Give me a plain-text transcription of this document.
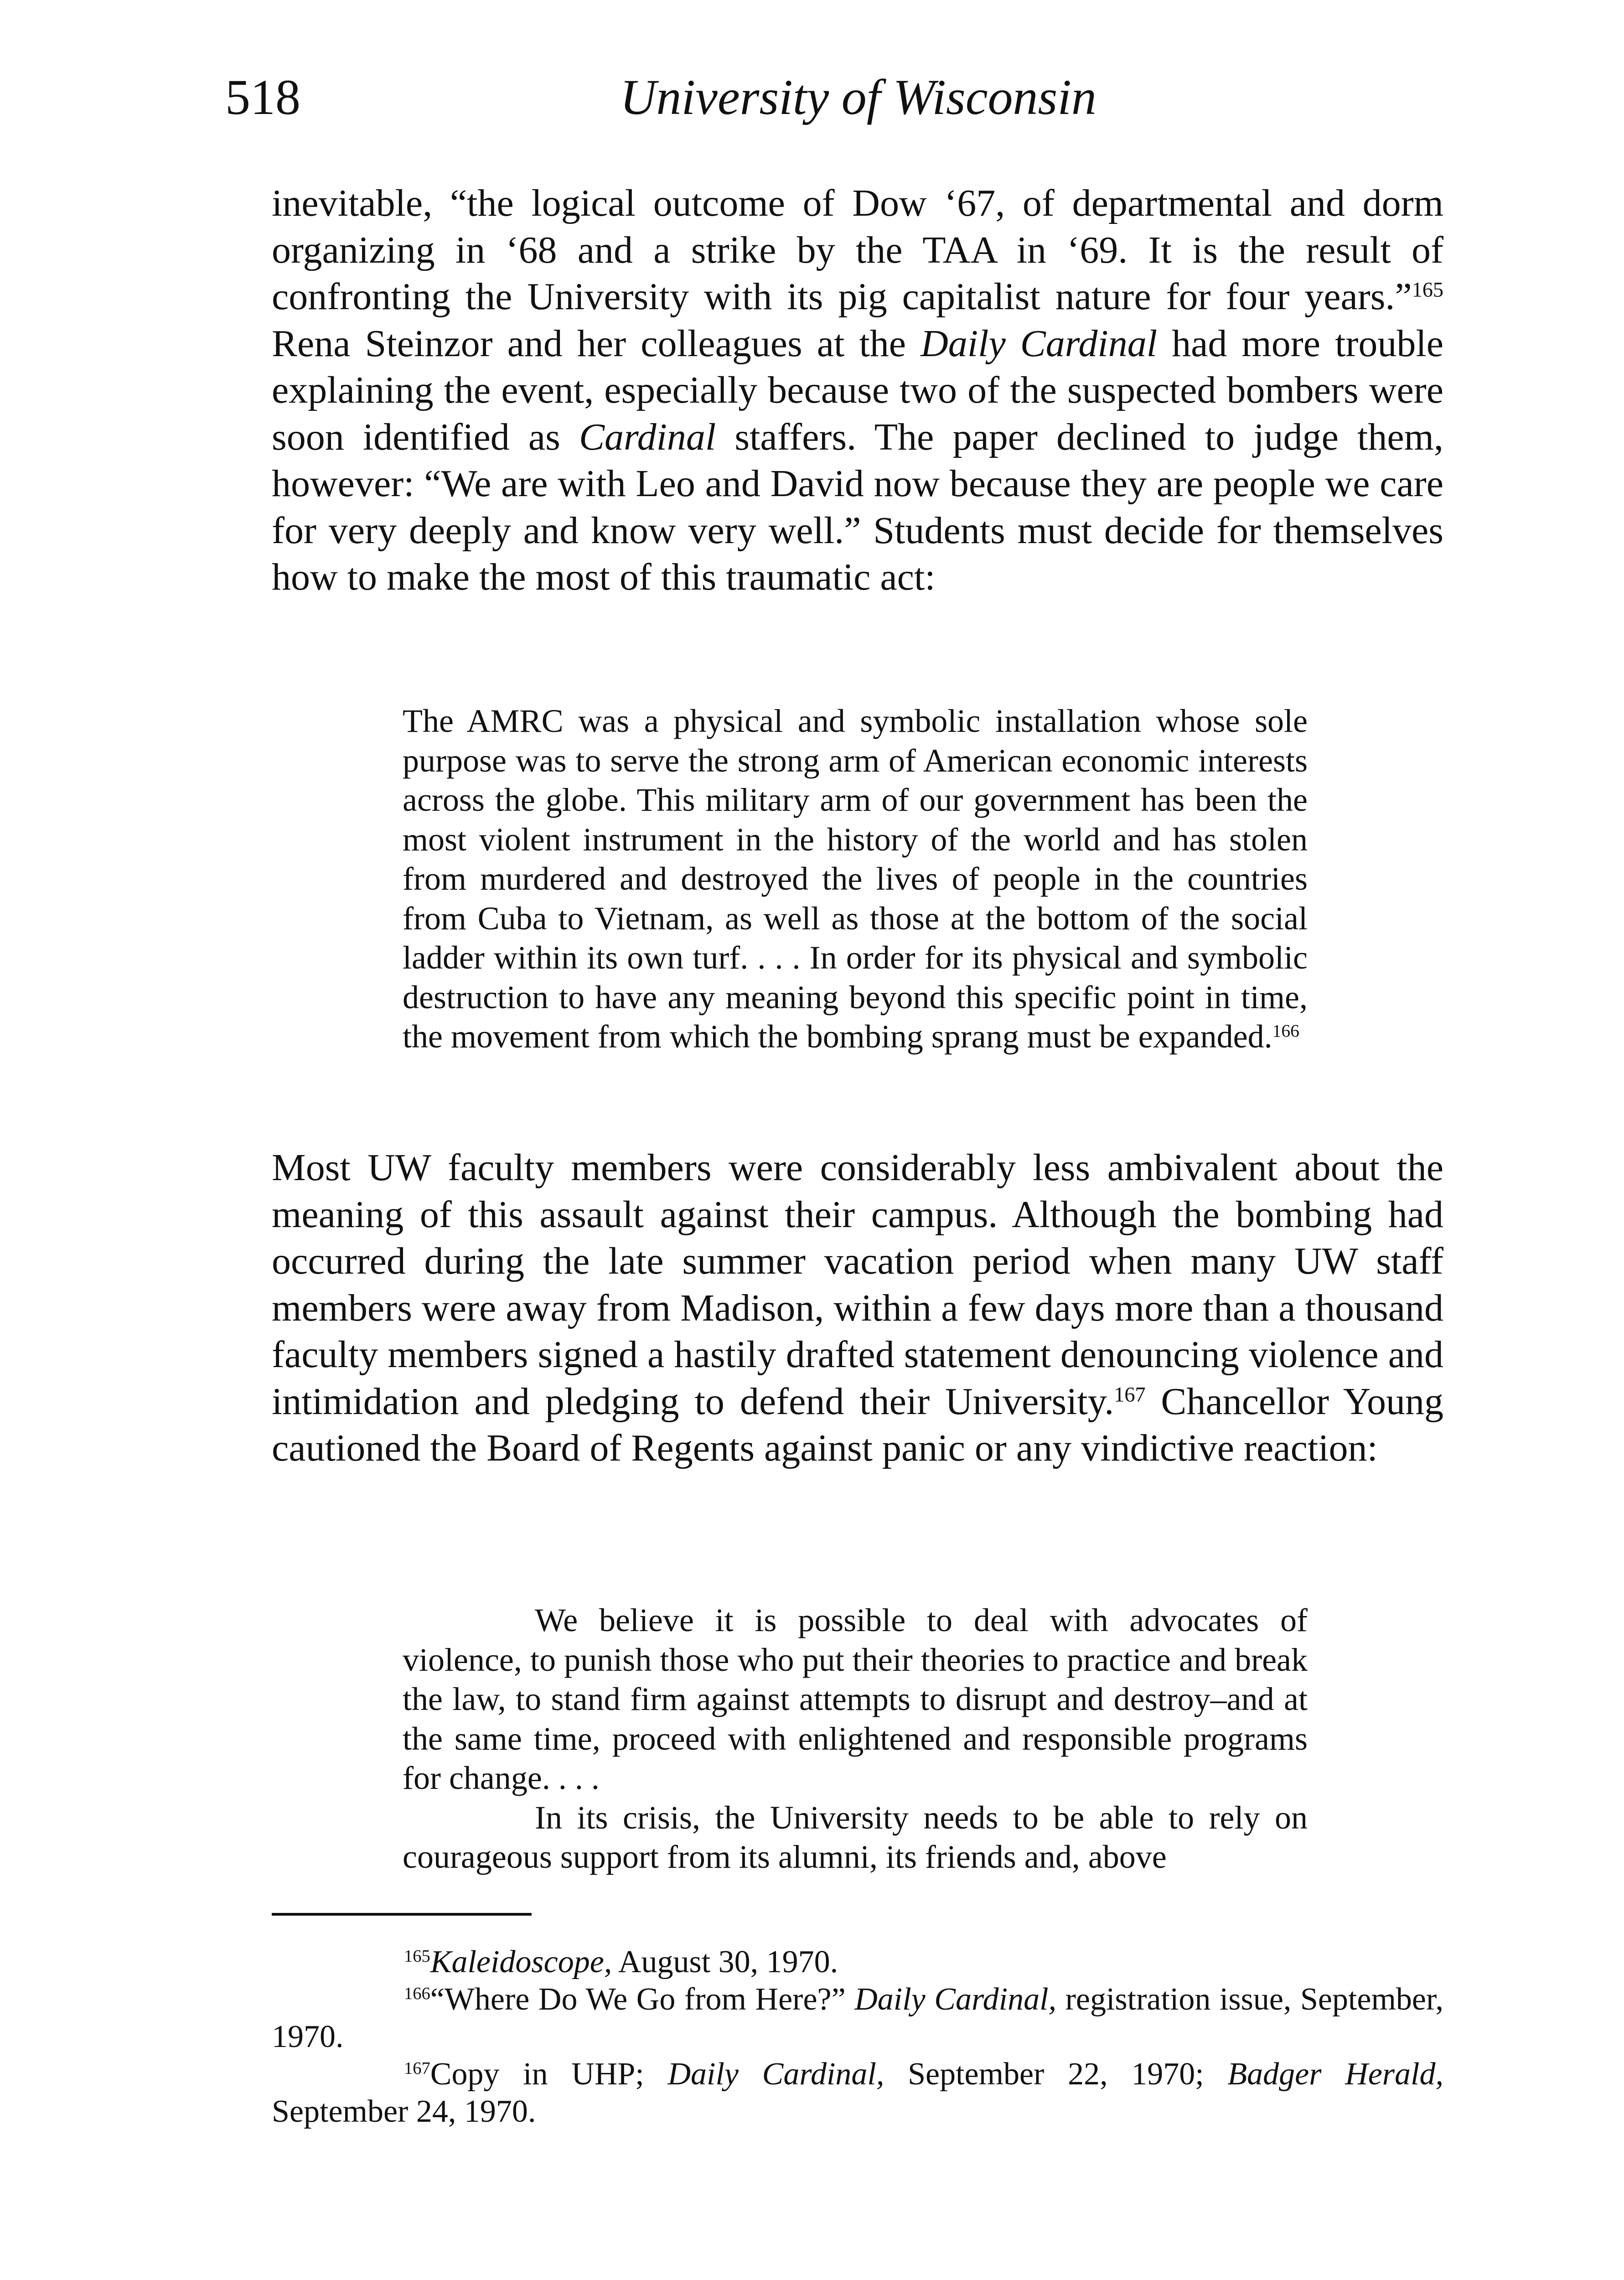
518	University of Wisconsin

inevitable, “the logical outcome of Dow ‘67, of departmental and dorm organizing in ‘68 and a strike by the TAA in ‘69. It is the result of confronting the University with its pig capitalist nature for four years.”$^{165}$ Rena Steinzor and her colleagues at the Daily Cardinal had more trouble explaining the event, especially because two of the suspected bombers were soon identified as Cardinal staffers. The paper declined to judge them, however: “We are with Leo and David now because they are people we care for very deeply and know very well.” Students must decide for themselves how to make the most of this traumatic act:

The AMRC was a physical and symbolic installation whose sole purpose was to serve the strong arm of American economic interests across the globe. This military arm of our government has been the most violent instrument in the history of the world and has stolen from murdered and destroyed the lives of people in the countries from Cuba to Vietnam, as well as those at the bottom of the social ladder within its own turf. . . . In order for its physical and symbolic destruction to have any meaning beyond this specific point in time, the movement from which the bombing sprang must be expanded.$^{166}$

Most UW faculty members were considerably less ambivalent about the meaning of this assault against their campus. Although the bombing had occurred during the late summer vacation period when many UW staff members were away from Madison, within a few days more than a thousand faculty members signed a hastily drafted statement denouncing violence and intimidation and pledging to defend their University.$^{167}$ Chancellor Young cautioned the Board of Regents against panic or any vindictive reaction:

We believe it is possible to deal with advocates of violence, to punish those who put their theories to practice and break the law, to stand firm against attempts to disrupt and destroy–and at the same time, proceed with enlightened and responsible programs for change. . . .

In its crisis, the University needs to be able to rely on courageous support from its alumni, its friends and, above

$^{165}$Kaleidoscope, August 30, 1970.

$^{166}$“Where Do We Go from Here?” Daily Cardinal, registration issue, September, 1970.

$^{167}$Copy in UHP; Daily Cardinal, September 22, 1970; Badger Herald, September 24, 1970.
